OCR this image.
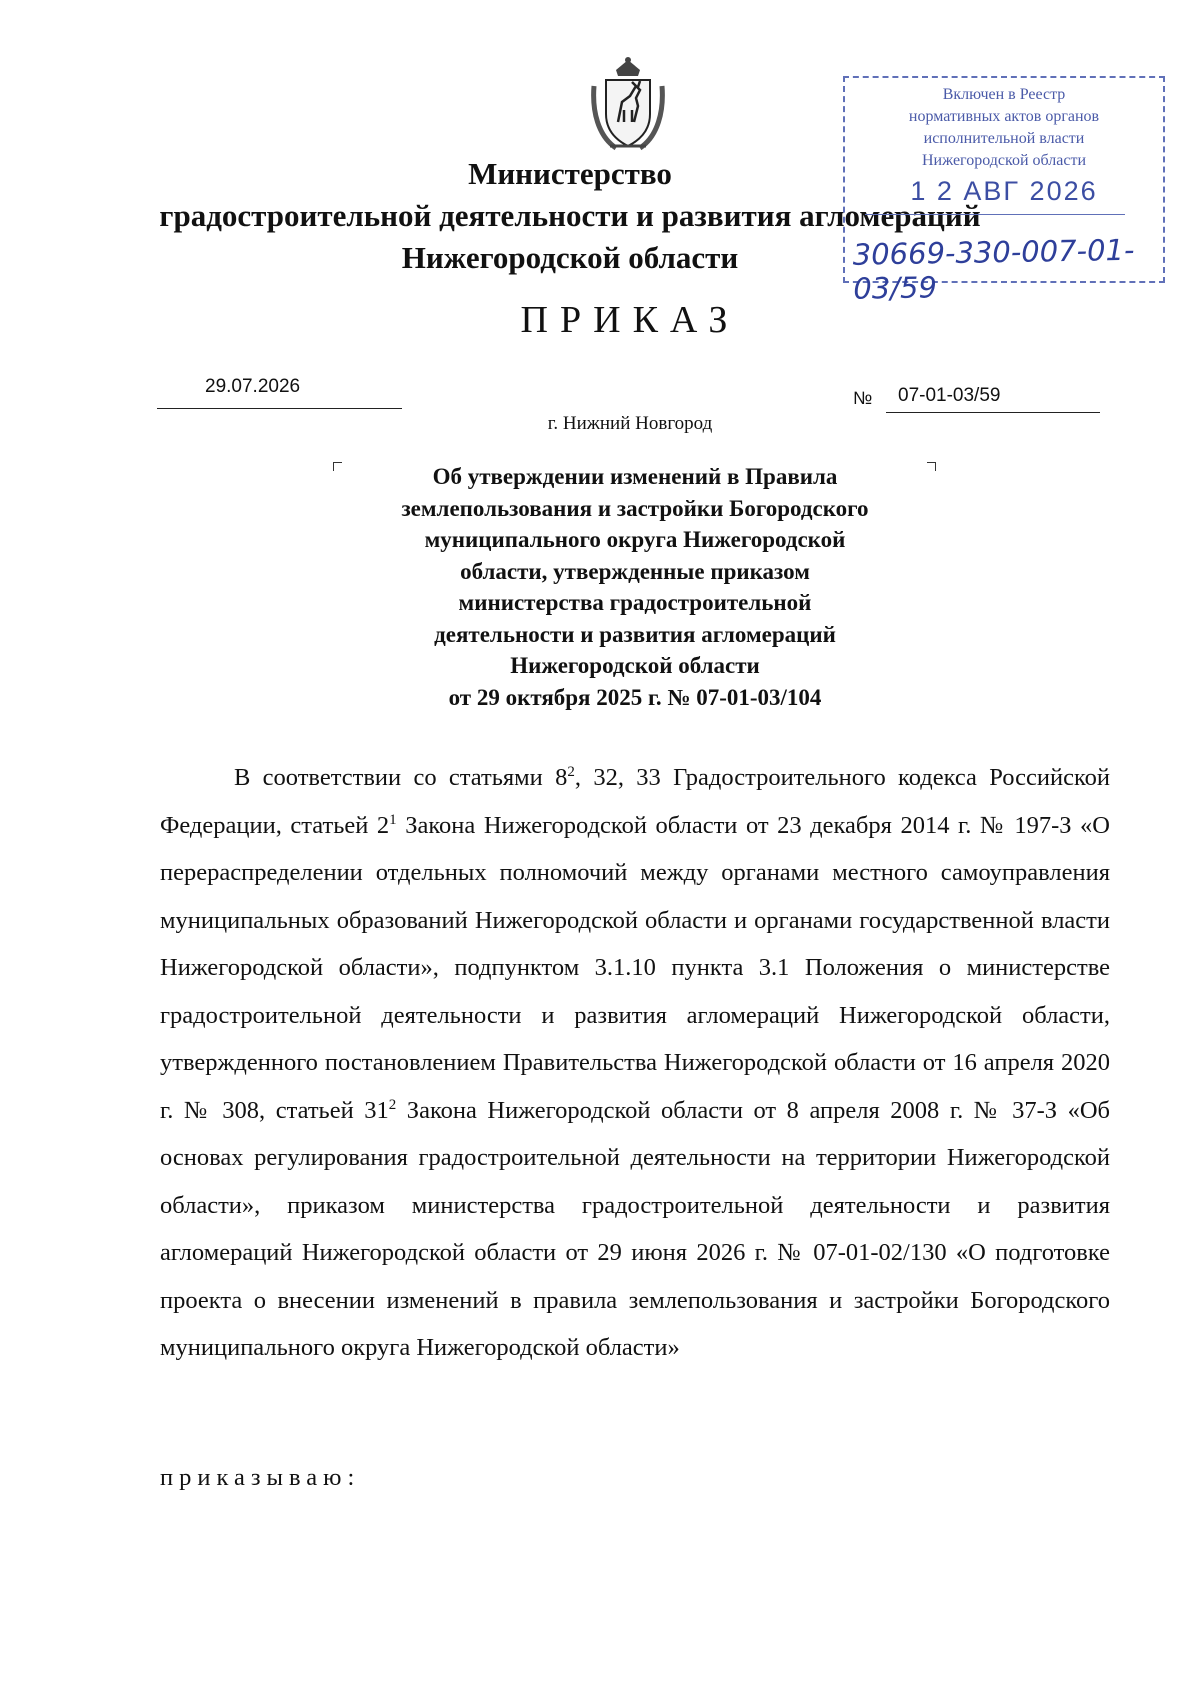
Министерство
градостроительной деятельности и развития агломераций
Нижегородской области
ПРИКАЗ
29.07.2026
№ 07-01-03/59
г. Нижний Новгород
Включен в Реестр
нормативных актов органов
исполнительной власти
Нижегородской области
1 2 АВГ 2026
30669-330-007-01-03/59
Об утверждении изменений в Правила
землепользования и застройки Богородского
муниципального округа Нижегородской
области, утвержденные приказом
министерства градостроительной
деятельности и развития агломераций
Нижегородской области
от 29 октября 2025 г. № 07-01-03/104
В соответствии со статьями $8^2$, 32, 33 Градостроительного кодекса Российской Федерации, статьей $2^1$ Закона Нижегородской области от 23 декабря 2014 г. № 197-З «О перераспределении отдельных полномочий между органами местного самоуправления муниципальных образований Нижегородской области и органами государственной власти Нижегородской области», подпунктом 3.1.10 пункта 3.1 Положения о министерстве градостроительной деятельности и развития агломераций Нижегородской области, утвержденного постановлением Правительства Нижегородской области от 16 апреля 2020 г. № 308, статьей $31^2$ Закона Нижегородской области от 8 апреля 2008 г. № 37-З «Об основах регулирования градостроительной деятельности на территории Нижегородской области», приказом министерства градостроительной деятельности и развития агломераций Нижегородской области от 29 июня 2026 г. № 07-01-02/130 «О подготовке проекта о внесении изменений в правила землепользования и застройки Богородского муниципального округа Нижегородской области»
приказываю:
